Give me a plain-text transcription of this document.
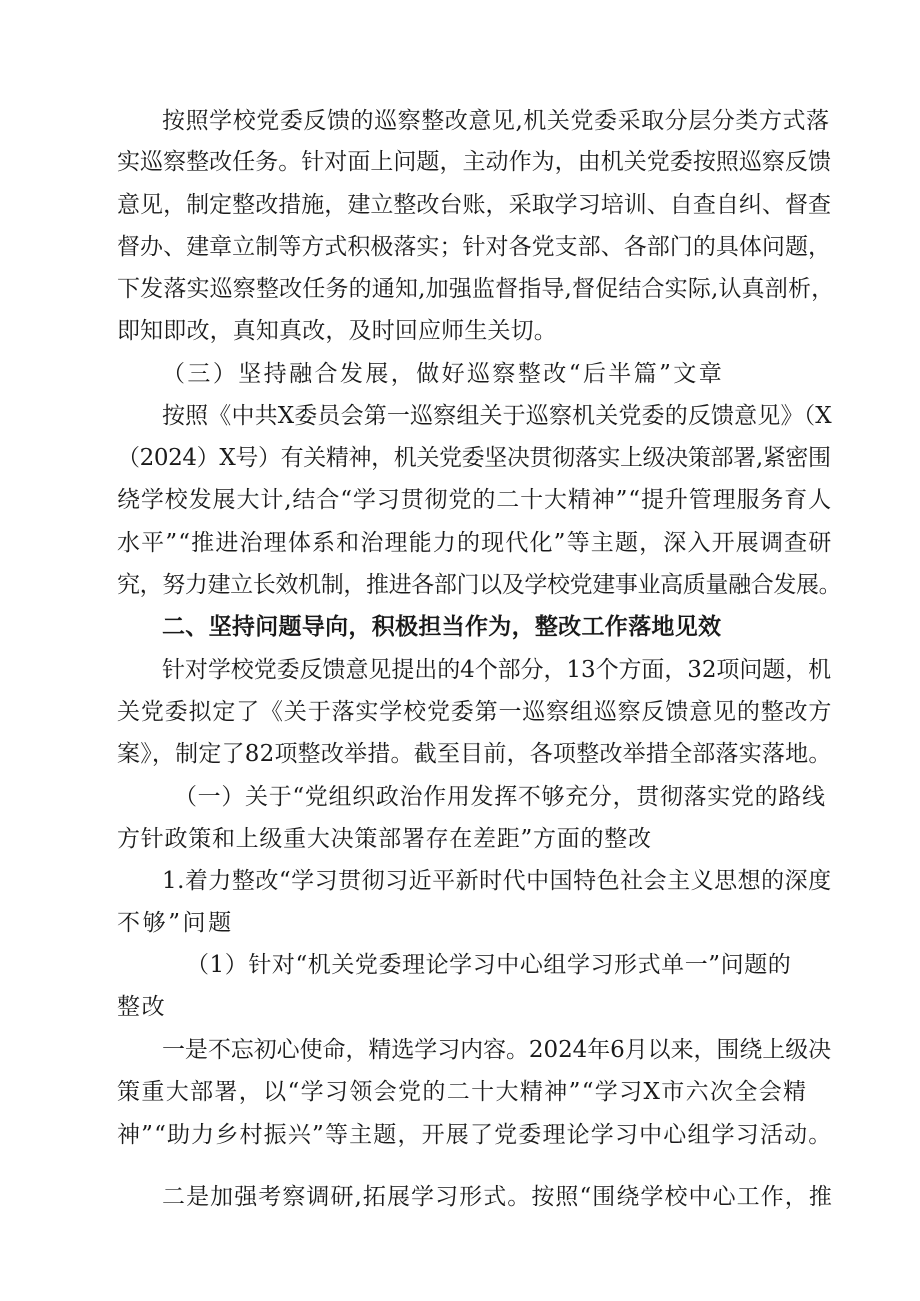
按照学校党委反馈的巡察整改意见,机关党委采取分层分类方式落
实巡察整改任务。针对面上问题，主动作为，由机关党委按照巡察反馈
意见，制定整改措施，建立整改台账，采取学习培训、自查自纠、督查
督办、建章立制等方式积极落实；针对各党支部、各部门的具体问题，
下发落实巡察整改任务的通知,加强监督指导,督促结合实际,认真剖析，
即知即改，真知真改，及时回应师生关切。
（三）坚持融合发展，做好巡察整改“后半篇”文章
按照《中共X委员会第一巡察组关于巡察机关党委的反馈意见》（X
（2024）X号）有关精神，机关党委坚决贯彻落实上级决策部署,紧密围
绕学校发展大计,结合“学习贯彻党的二十大精神”“提升管理服务育人
水平”“推进治理体系和治理能力的现代化”等主题，深入开展调查研
究，努力建立长效机制，推进各部门以及学校党建事业高质量融合发展。
二、坚持问题导向，积极担当作为，整改工作落地见效
针对学校党委反馈意见提出的4个部分，13个方面，32项问题，机
关党委拟定了《关于落实学校党委第一巡察组巡察反馈意见的整改方
案》，制定了82项整改举措。截至目前，各项整改举措全部落实落地。
（一）关于“党组织政治作用发挥不够充分，贯彻落实党的路线
方针政策和上级重大决策部署存在差距”方面的整改
1.着力整改“学习贯彻习近平新时代中国特色社会主义思想的深度
不够”问题
（1）针对“机关党委理论学习中心组学习形式单一”问题的
整改
一是不忘初心使命，精选学习内容。2024年6月以来，围绕上级决
策重大部署，以“学习领会党的二十大精神”“学习X市六次全会精
神”“助力乡村振兴”等主题，开展了党委理论学习中心组学习活动。
二是加强考察调研,拓展学习形式。按照“围绕学校中心工作，推
